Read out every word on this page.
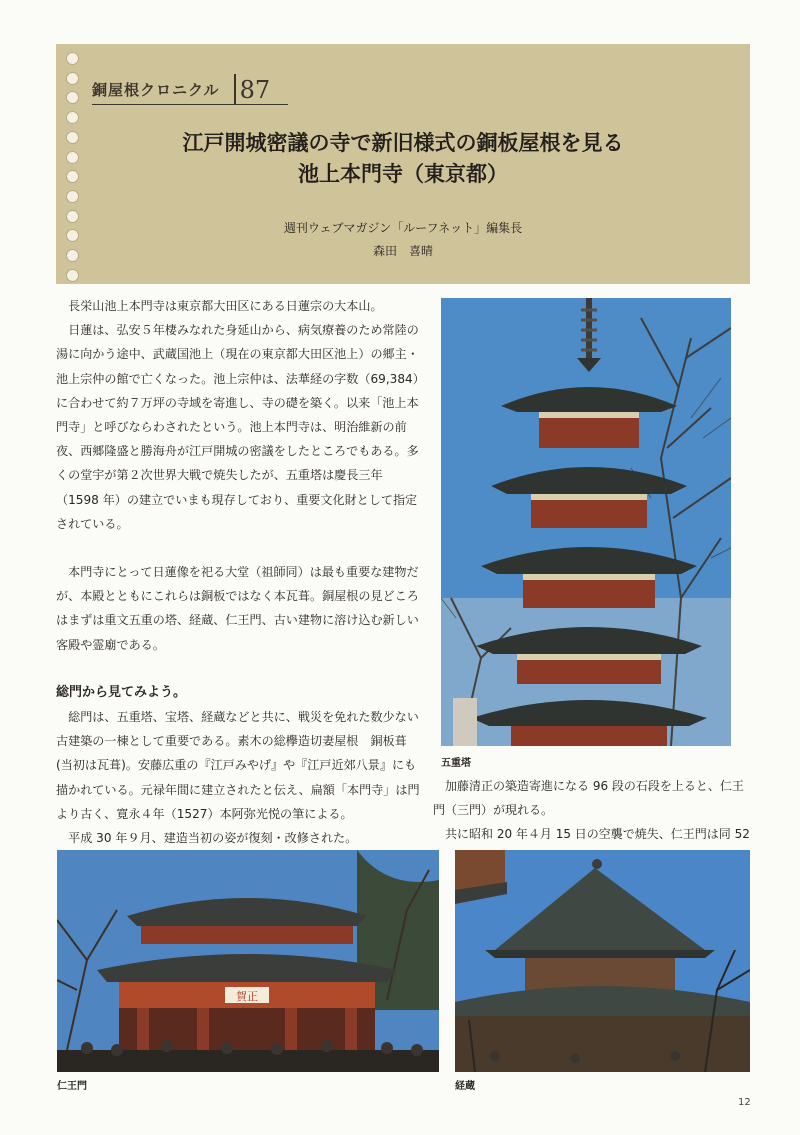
銅屋根クロニクル 87
江戸開城密議の寺で新旧様式の銅板屋根を見る
池上本門寺（東京都）
週刊ウェブマガジン「ルーフネット」編集長
森田　喜晴

長栄山池上本門寺は東京都大田区にある日蓮宗の大本山。

日蓮は、弘安５年棲みなれた身延山から、病気療養のため常陸の湯に向かう途中、武蔵国池上（現在の東京都大田区池上）の郷主・池上宗仲の館で亡くなった。池上宗仲は、法華経の字数（69,384）に合わせて約７万坪の寺域を寄進し、寺の礎を築く。以来「池上本門寺」と呼びならわされたという。池上本門寺は、明治維新の前夜、西郷隆盛と勝海舟が江戸開城の密議をしたところでもある。多くの堂宇が第２次世界大戦で焼失したが、五重塔は慶長三年（1598 年）の建立でいまも現存しており、重要文化財として指定されている。

本門寺にとって日蓮像を祀る大堂（祖師同）は最も重要な建物だが、本殿とともにこれらは銅板ではなく本瓦葺。銅屋根の見どころはまずは重文五重の塔、経蔵、仁王門、古い建物に溶け込む新しい客殿や霊廟である。

総門から見てみよう。

総門は、五重塔、宝塔、経蔵などと共に、戦災を免れた数少ない古建築の一棟として重要である。素木の総欅造切妻屋根　銅板葺(当初は瓦葺)。安藤広重の『江戸みやげ』や『江戸近郊八景』にも描かれている。元禄年間に建立されたと伝え、扁額「本門寺」は門より古く、寛永４年（1527）本阿弥光悦の筆による。

平成 30 年９月、建造当初の姿が復刻・改修された。

五重塔

加藤清正の築造寄進になる 96 段の石段を上ると、仁王門（三門）が現れる。

共に昭和 20 年４月 15 日の空襲で焼失、仁王門は同 52

賀正
仁王門	経蔵
12
